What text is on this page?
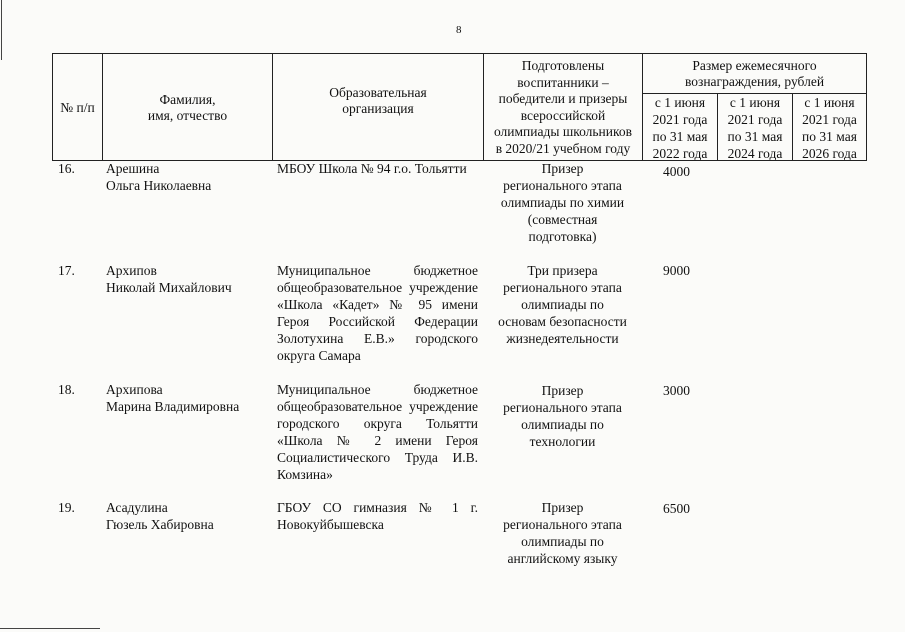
8
№ п/п
Фамилия,
имя, отчество
Образовательная
организация
Подготовлены
воспитанники –
победители и призеры
всероссийской
олимпиады школьников
в 2020/21 учебном году
Размер ежемесячного
вознаграждения, рублей
с 1 июня
2021 года
по 31 мая
2022 года
с 1 июня
2021 года
по 31 мая
2024 года
с 1 июня
2021 года
по 31 мая
2026 года
16. Арешина
Ольга Николаевна
МБОУ Школа № 94 г.о. Тольятти	Призер
регионального этапа
олимпиады по химии
(совместная
подготовка)
4000
17. Архипов
Николай Михайлович
Муниципальное бюджетное общеобразовательное учреждение «Школа «Кадет» № 95 имени Героя Российской Федерации Золотухина Е.В.» городского округа Самара
Три призера
регионального этапа
олимпиады по
основам безопасности
жизнедеятельности
9000
18. Архипова
Марина Владимировна
Муниципальное бюджетное общеобразовательное учреждение городского округа Тольятти «Школа № 2 имени Героя Социалистического Труда И.В. Комзина»
Призер
регионального этапа
олимпиады по
технологии
3000
19. Асадулина
Гюзель Хабировна
ГБОУ СО гимназия № 1 г. Новокуйбышевска
Призер
регионального этапа
олимпиады по
английскому языку
6500
